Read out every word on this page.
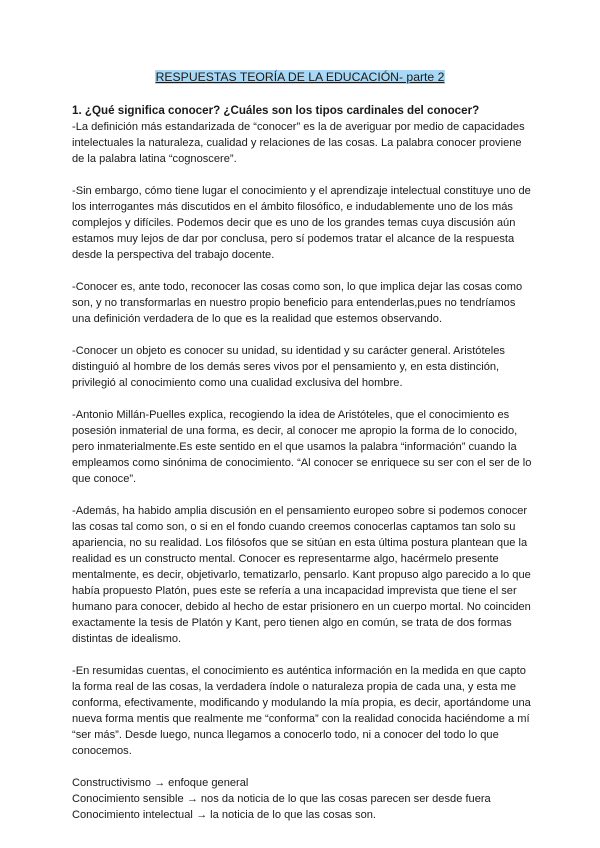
RESPUESTAS TEORÍA DE LA EDUCACIÓN- parte 2
1. ¿Qué significa conocer? ¿Cuáles son los tipos cardinales del conocer?

-La definición más estandarizada de “conocer” es la de averiguar por medio de capacidades intelectuales la naturaleza, cualidad y relaciones de las cosas. La palabra conocer proviene de la palabra latina “cognoscere”.

-Sin embargo, cómo tiene lugar el conocimiento y el aprendizaje intelectual constituye uno de los interrogantes más discutidos en el ámbito filosófico, e indudablemente uno de los más complejos y difíciles. Podemos decir que es uno de los grandes temas cuya discusión aún estamos muy lejos de dar por conclusa, pero sí podemos tratar el alcance de la respuesta desde la perspectiva del trabajo docente.

-Conocer es, ante todo, reconocer las cosas como son, lo que implica dejar las cosas como son, y no transformarlas en nuestro propio beneficio para entenderlas,pues no tendríamos una definición verdadera de lo que es la realidad que estemos observando.

-Conocer un objeto es conocer su unidad, su identidad y su carácter general. Aristóteles distinguió al hombre de los demás seres vivos por el pensamiento y, en esta distinción, privilegió al conocimiento como una cualidad exclusiva del hombre.

-Antonio Millán-Puelles explica, recogiendo la idea de Aristóteles, que el conocimiento es posesión inmaterial de una forma, es decir, al conocer me apropio la forma de lo conocido, pero inmaterialmente.Es este sentido en el que usamos la palabra “información” cuando la empleamos como sinónima de conocimiento. “Al conocer se enriquece su ser con el ser de lo que conoce”.

-Además, ha habido amplia discusión en el pensamiento europeo sobre si podemos conocer las cosas tal como son, o si en el fondo cuando creemos conocerlas captamos tan solo su apariencia, no su realidad. Los filósofos que se sitúan en esta última postura plantean que la realidad es un constructo mental. Conocer es representarme algo, hacérmelo presente mentalmente, es decir, objetivarlo, tematizarlo, pensarlo. Kant propuso algo parecido a lo que había propuesto Platón, pues este se refería a una incapacidad imprevista que tiene el ser humano para conocer, debido al hecho de estar prisionero en un cuerpo mortal. No coinciden exactamente la tesis de Platón y Kant, pero tienen algo en común, se trata de dos formas distintas de idealismo.

-En resumidas cuentas, el conocimiento es auténtica información en la medida en que capto la forma real de las cosas, la verdadera índole o naturaleza propia de cada una, y esta me conforma, efectivamente, modificando y modulando la mía propia, es decir, aportándome una nueva forma mentis que realmente me “conforma” con la realidad conocida haciéndome a mí “ser más”. Desde luego, nunca llegamos a conocerlo todo, ni a conocer del todo lo que conocemos.

Constructivismo → enfoque general

Conocimiento sensible → nos da noticia de lo que las cosas parecen ser desde fuera

Conocimiento intelectual → la noticia de lo que las cosas son.
